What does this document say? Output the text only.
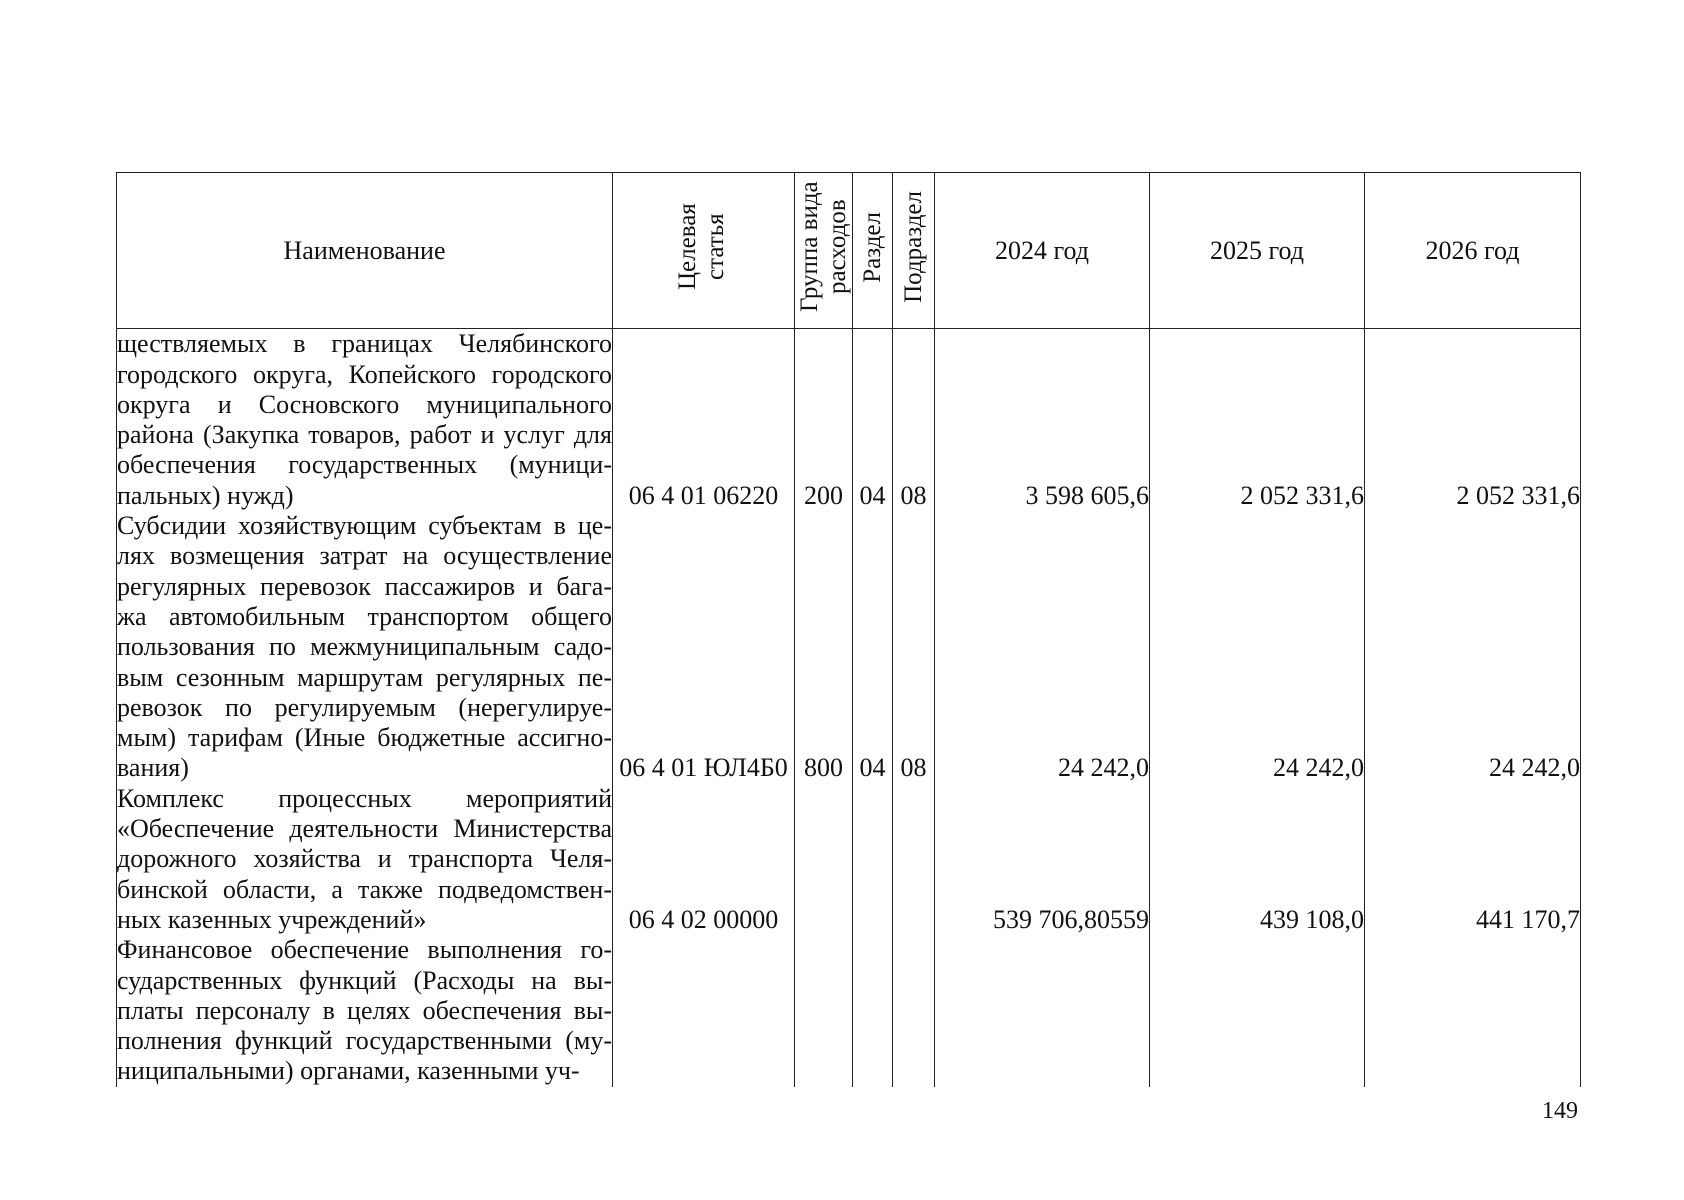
Наименование	Целевая статья	Группа вида расходов	Раздел	Подраздел	2024 год	2025 год	2026 год

ществляемых в границах Челябинского городского округа, Копейского городского округа и Сосновского муниципального района (Закупка товаров, работ и услуг для обеспечения государственных (муници-пальных) нужд)	06 4 01 06220	200	04	08	3 598 605,6	2 052 331,6	2 052 331,6

Субсидии хозяйствующим субъектам в це-лях возмещения затрат на осуществление регулярных перевозок пассажиров и бага-жа автомобильным транспортом общего пользования по межмуниципальным садо-вым сезонным маршрутам регулярных пе-ревозок по регулируемым (нерегулируе-мым) тарифам (Иные бюджетные ассигно-вания)	06 4 01 ЮЛ4Б0	800	04	08	24 242,0	24 242,0	24 242,0

Комплекс процессных мероприятий «Обеспечение деятельности Министерства дорожного хозяйства и транспорта Челя-бинской области, а также подведомствен-ных казенных учреждений»	06 4 02 00000				539 706,80559	439 108,0	441 170,7

Финансовое обеспечение выполнения го-сударственных функций (Расходы на вы-платы персоналу в целях обеспечения вы-полнения функций государственными (му-ниципальными) органами, казенными уч-							

149
